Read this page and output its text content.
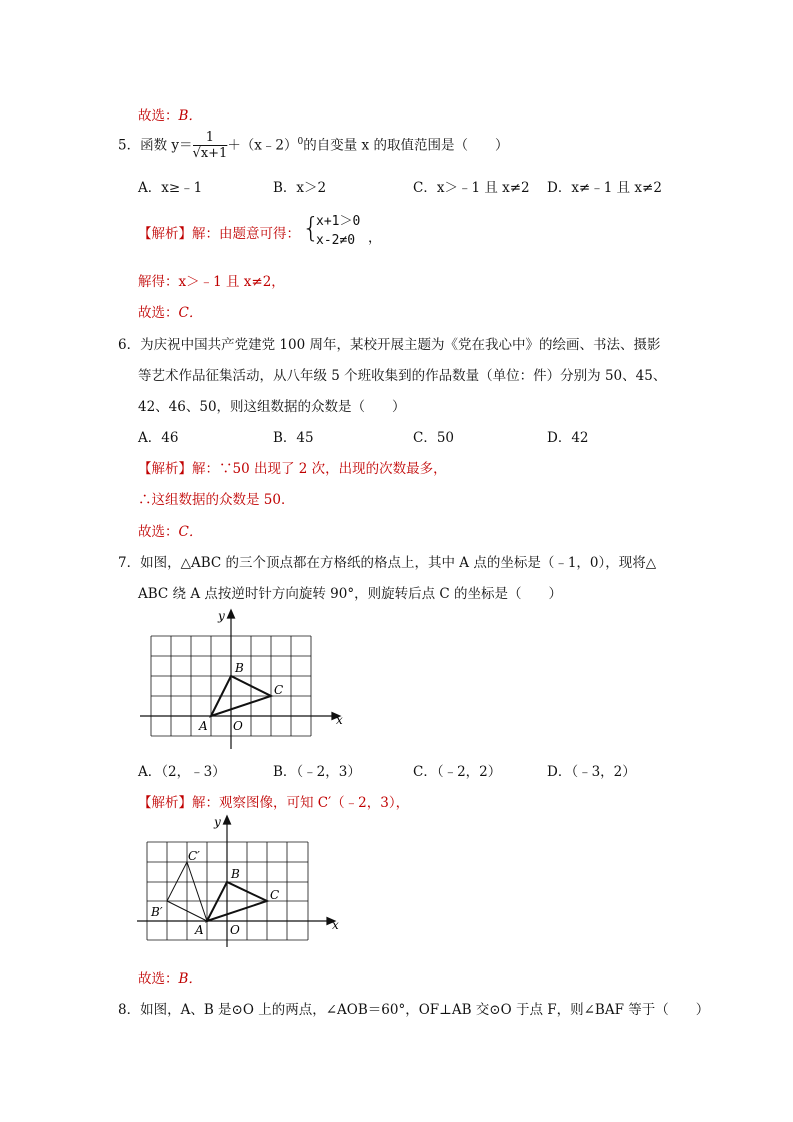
故选：B．
5．函数 $y= \frac{1}{√x+1}$ ＋（x﹣2）$^0$的自变量 x 的取值范围是（　　）
A．x≥﹣1	B．x＞2	C．x＞﹣1 且 x≠2 D．x≠﹣1 且 x≠2
【解析】解：由题意可得： {
x+1＞0
x-2≠0 ，
解得：x＞﹣1 且 x≠2，
故选：C．
6．为庆祝中国共产党建党 100 周年，某校开展主题为《党在我心中》的绘画、书法、摄影
等艺术作品征集活动，从八年级 5 个班收集到的作品数量（单位：件）分别为 50、45、
42、46、50，则这组数据的众数是（　　）
A．46	B．45	C．50	D．42
【解析】解：∵50 出现了 2 次，出现的次数最多，
∴这组数据的众数是 50．
故选：C．
7．如图，△ABC 的三个顶点都在方格纸的格点上，其中 A 点的坐标是（﹣1，0），现将△
ABC 绕 A 点按逆时针方向旋转 90°，则旋转后点 C 的坐标是（　　）
y
x
A
B
C
O
A．（2，﹣3）	B．（﹣2，3）	C．（﹣2，2）	D．（﹣3，2）
【解析】解：观察图像，可知 C′（﹣2，3），
y
x
A
B
C
O
C′
B′
故选：B．
8．如图，A、B 是⊙O 上的两点，∠AOB＝60°，OF⊥AB 交⊙O 于点 F，则∠BAF 等于（　　）
